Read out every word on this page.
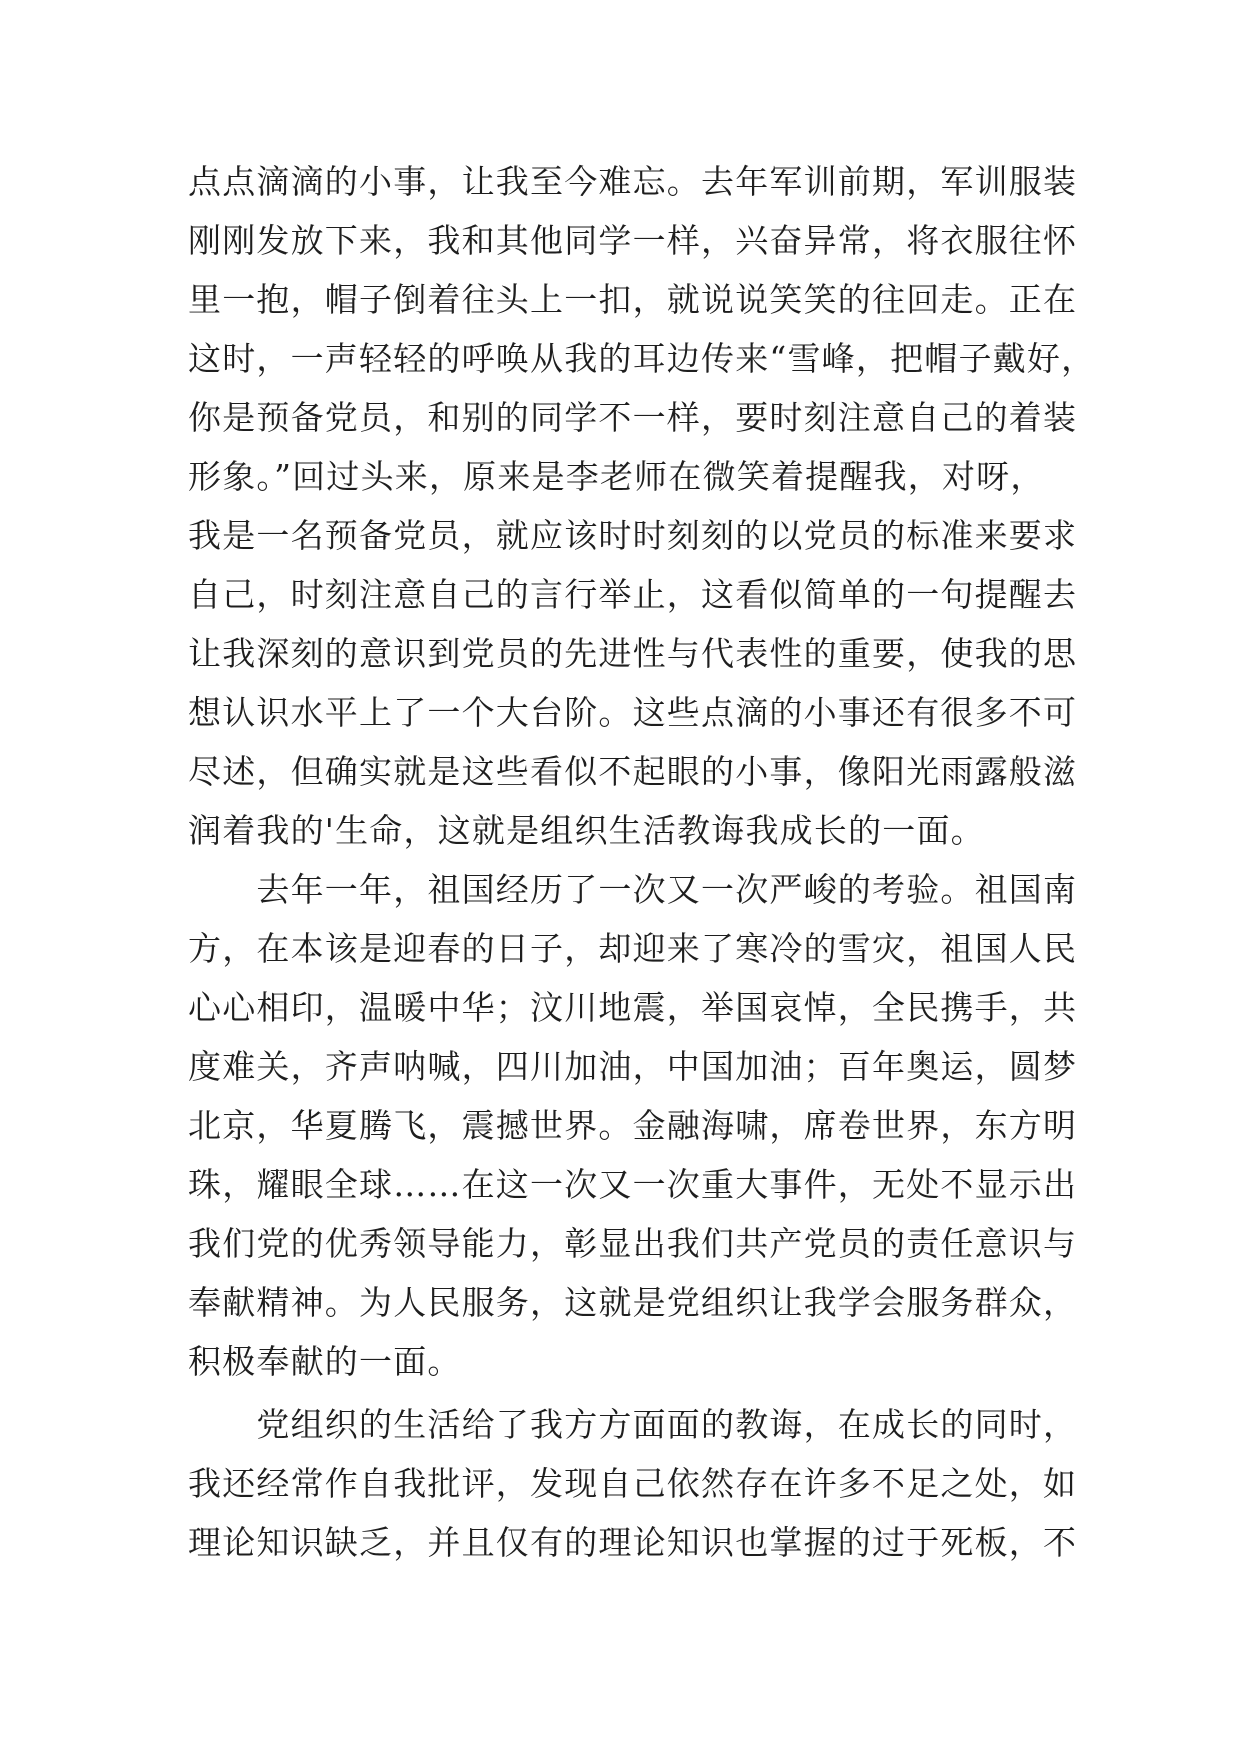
点点滴滴的小事，让我至今难忘。去年军训前期，军训服装
刚刚发放下来，我和其他同学一样，兴奋异常，将衣服往怀
里一抱，帽子倒着往头上一扣，就说说笑笑的往回走。正在
这时，一声轻轻的呼唤从我的耳边传来“雪峰，把帽子戴好，
你是预备党员，和别的同学不一样，要时刻注意自己的着装
形象。”回过头来，原来是李老师在微笑着提醒我，对呀，
我是一名预备党员，就应该时时刻刻的以党员的标准来要求
自己，时刻注意自己的言行举止，这看似简单的一句提醒去
让我深刻的意识到党员的先进性与代表性的重要，使我的思
想认识水平上了一个大台阶。这些点滴的小事还有很多不可
尽述，但确实就是这些看似不起眼的小事，像阳光雨露般滋
润着我的'生命，这就是组织生活教诲我成长的一面。
　　去年一年，祖国经历了一次又一次严峻的考验。祖国南
方，在本该是迎春的日子，却迎来了寒冷的雪灾，祖国人民
心心相印，温暖中华；汶川地震，举国哀悼，全民携手，共
度难关，齐声呐喊，四川加油，中国加油；百年奥运，圆梦
北京，华夏腾飞，震撼世界。金融海啸，席卷世界，东方明
珠，耀眼全球……在这一次又一次重大事件，无处不显示出
我们党的优秀领导能力，彰显出我们共产党员的责任意识与
奉献精神。为人民服务，这就是党组织让我学会服务群众，
积极奉献的一面。
　　党组织的生活给了我方方面面的教诲，在成长的同时，
我还经常作自我批评，发现自己依然存在许多不足之处，如
理论知识缺乏，并且仅有的理论知识也掌握的过于死板，不
